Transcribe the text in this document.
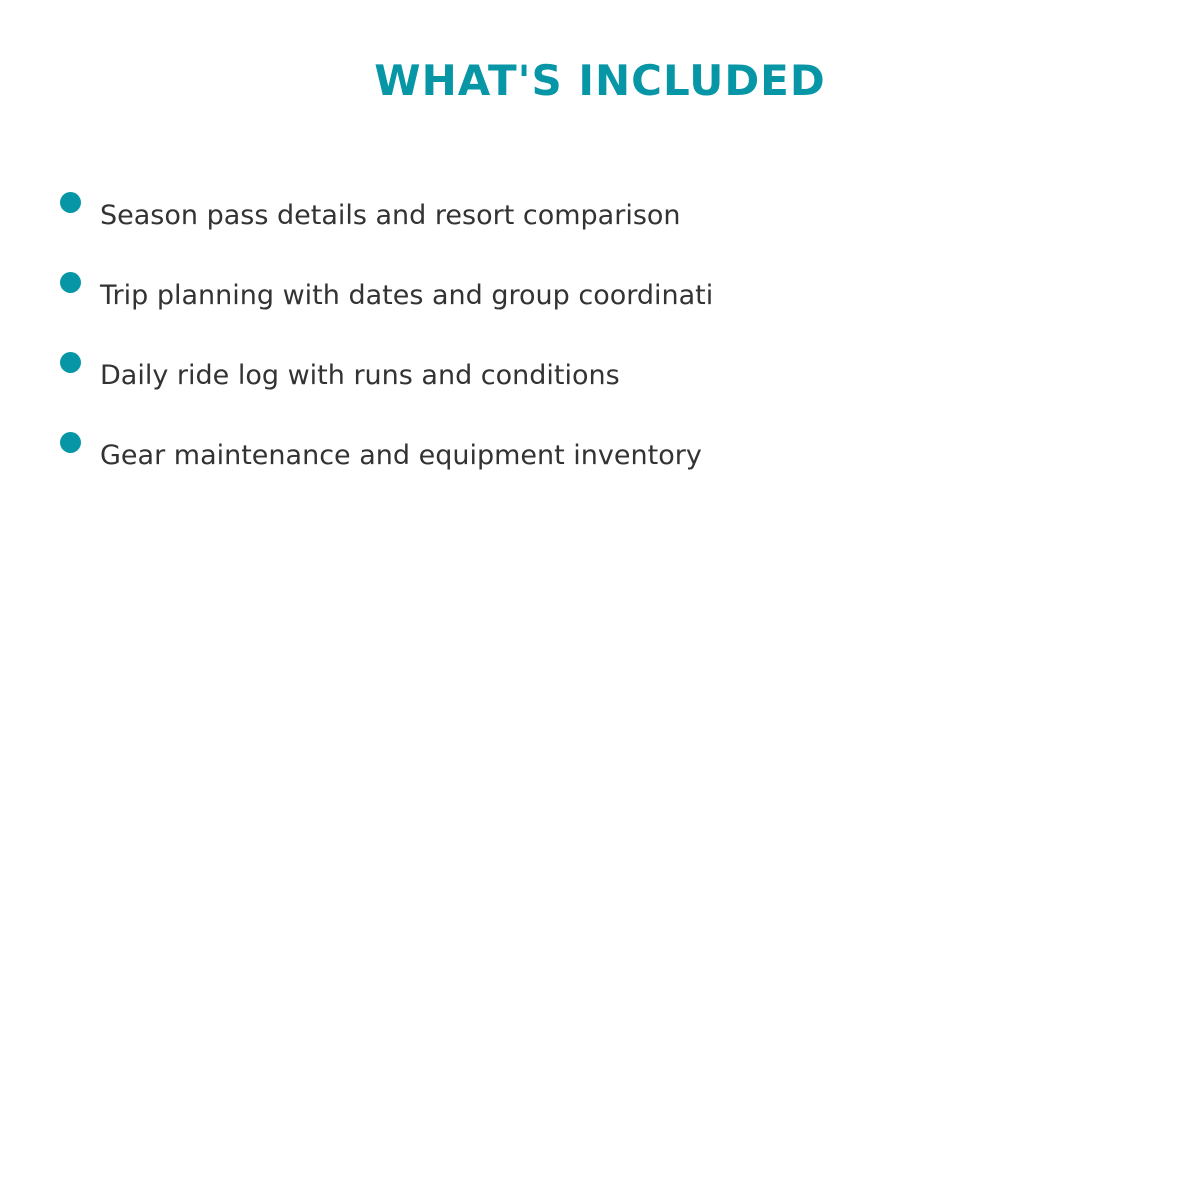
WHAT'S INCLUDED
Season pass details and resort comparison
Trip planning with dates and group coordinati
Daily ride log with runs and conditions
Gear maintenance and equipment inventory
